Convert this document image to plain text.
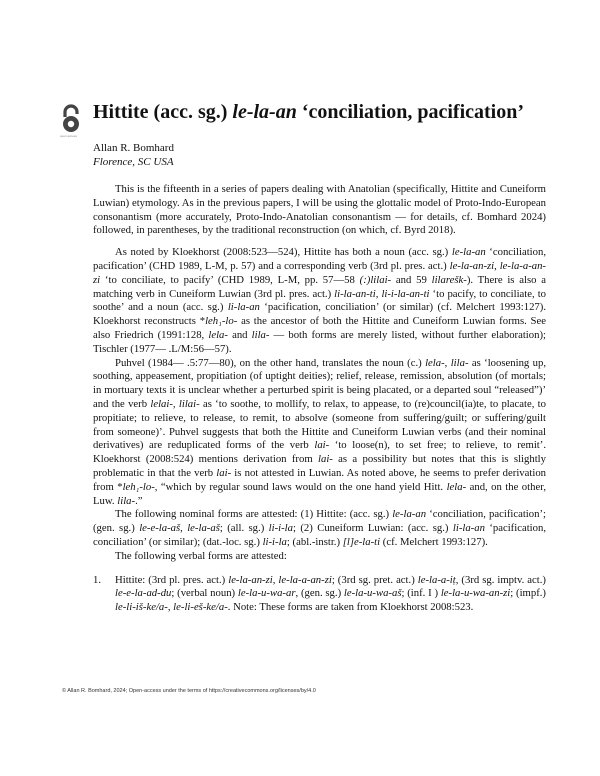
open access
Hittite (acc. sg.) le-la-an ‘conciliation, pacification’
Allan R. Bomhard
Florence, SC USA

This is the fifteenth in a series of papers dealing with Anatolian (specifically, Hittite and Cuneiform Luwian) etymology. As in the previous papers, I will be using the glottalic model of Proto-Indo-European consonantism (more accurately, Proto-Indo-Anatolian consonantism — for details, cf. Bomhard 2024) followed, in parentheses, by the traditional reconstruction (on which, cf. Byrd 2018).

As noted by Kloekhorst (2008:523—524), Hittite has both a noun (acc. sg.) le-la-an ‘conciliation, pacification’ (CHD 1989, L-M, p. 57) and a corresponding verb (3rd pl. pres. act.) le-la-an-zi, le-la-a-an-zi ‘to conciliate, to pacify’ (CHD 1989, L-M, pp. 57—58 (:)lilai- and 59 lilarešk-). There is also a matching verb in Cuneiform Luwian (3rd pl. pres. act.) li-la-an-ti, li-i-la-an-ti ‘to pacify, to conciliate, to soothe’ and a noun (acc. sg.) li-la-an ‘pacification, conciliation’ (or similar) (cf. Melchert 1993:127). Kloekhorst reconstructs *leh₁-lo- as the ancestor of both the Hittite and Cuneiform Luwian forms. See also Friedrich (1991:128, lela- and lila- — both forms are merely listed, without further elaboration); Tischler (1977— .L/M:56—57).

Puhvel (1984— .5:77—80), on the other hand, translates the noun (c.) lela-, lila- as ‘loosening up, soothing, appeasement, propitiation (of uptight deities); relief, release, remission, absolution (of mortals; in mortuary texts it is unclear whether a perturbed spirit is being placated, or a departed soul “released”)’ and the verb lelai-, lilai- as ‘to soothe, to mollify, to relax, to appease, to (re)council(ia)te, to placate, to propitiate; to relieve, to release, to remit, to absolve (someone from suffering/guilt; or suffering/guilt from someone)’. Puhvel suggests that both the Hittite and Cuneiform Luwian verbs (and their nominal derivatives) are reduplicated forms of the verb lai- ‘to loose(n), to set free; to relieve, to remit’. Kloekhorst (2008:524) mentions derivation from lai- as a possibility but notes that this is slightly problematic in that the verb lai- is not attested in Luwian. As noted above, he seems to prefer derivation from *leh₁-lo-, “which by regular sound laws would on the one hand yield Hitt. lela- and, on the other, Luw. lila-.”

The following nominal forms are attested: (1) Hittite: (acc. sg.) le-la-an ‘conciliation, pacification’; (gen. sg.) le-e-la-aš, le-la-aš; (all. sg.) li-i-la; (2) Cuneiform Luwian: (acc. sg.) li-la-an ‘pacification, conciliation’ (or similar); (dat.-loc. sg.) li-i-la; (abl.-instr.) [l]e-la-ti (cf. Melchert 1993:127).

The following verbal forms are attested:

1.	Hittite: (3rd pl. pres. act.) le-la-an-zi, le-la-a-an-zi; (3rd sg. pret. act.) le-la-a-iṭ, (3rd sg. imptv. act.) le-e-la-ad-du; (verbal noun) le-la-u-wa-ar, (gen. sg.) le-la-u-wa-aš; (inf. I ) le-la-u-wa-an-zi; (impf.) le-li-iš-ke/a-, le-li-eš-ke/a-. Note: These forms are taken from Kloekhorst 2008:523.
© Allan R. Bomhard, 2024; Open-access under the terms of https://creativecommons.org/licenses/by/4.0
